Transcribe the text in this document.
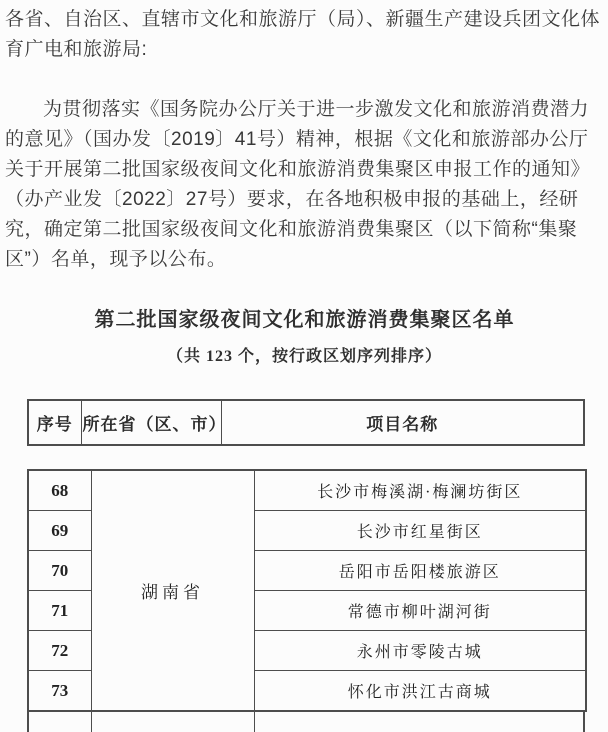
各省、自治区、直辖市文化和旅游厅（局）、新疆生产建设兵团文化体育广电和旅游局:
为贯彻落实《国务院办公厅关于进一步激发文化和旅游消费潜力的意见》（国办发〔2019〕41号）精神，根据《文化和旅游部办公厅关于开展第二批国家级夜间文化和旅游消费集聚区申报工作的通知》（办产业发〔2022〕27号）要求，在各地积极申报的基础上，经研究，确定第二批国家级夜间文化和旅游消费集聚区（以下简称“集聚区”）名单，现予以公布。
第二批国家级夜间文化和旅游消费集聚区名单
（共 123 个，按行政区划序列排序）
序号	所在省（区、市）	项目名称
68	湖南省	长沙市梅溪湖·梅澜坊街区
69		长沙市红星街区
70		岳阳市岳阳楼旅游区
71		常德市柳叶湖河街
72		永州市零陵古城
73		怀化市洪江古商城
